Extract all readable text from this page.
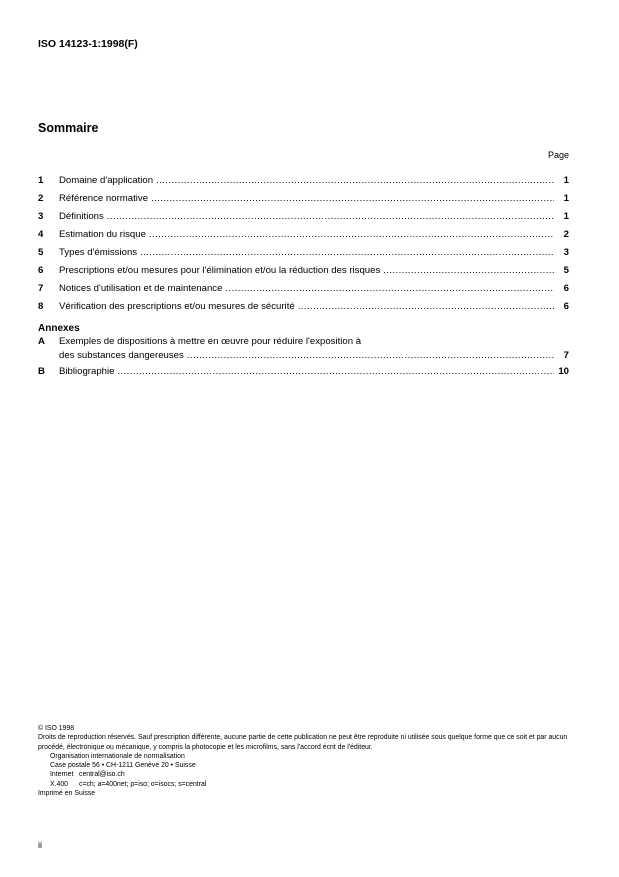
ISO 14123-1:1998(F)
Sommaire
Page
1	Domaine d'application .....	1
2	Référence normative .....	1
3	Définitions .....	1
4	Estimation du risque .....	2
5	Types d'émissions .....	3
6	Prescriptions et/ou mesures pour l'élimination et/ou la réduction des risques .....	5
7	Notices d'utilisation et de maintenance .....	6
8	Vérification des prescriptions et/ou mesures de sécurité .....	6
Annexes
A	Exemples de dispositions à mettre en œuvre pour réduire l'exposition à
des substances dangereuses .....	7
B	Bibliographie .....	10
© ISO 1998
Droits de reproduction réservés. Sauf prescription différente, aucune partie de cette publication ne peut être reproduite ni utilisée sous quelque forme que ce soit et par aucun procédé, électronique ou mécanique, y compris la photocopie et les microfilms, sans l'accord écrit de l'éditeur.
Organisation internationale de normalisation
Case postale 56 • CH-1211 Genève 20 • Suisse
Internet central@iso.ch
X.400	c=ch; a=400net; p=iso; o=isocs; s=central
Imprimé en Suisse
ii
